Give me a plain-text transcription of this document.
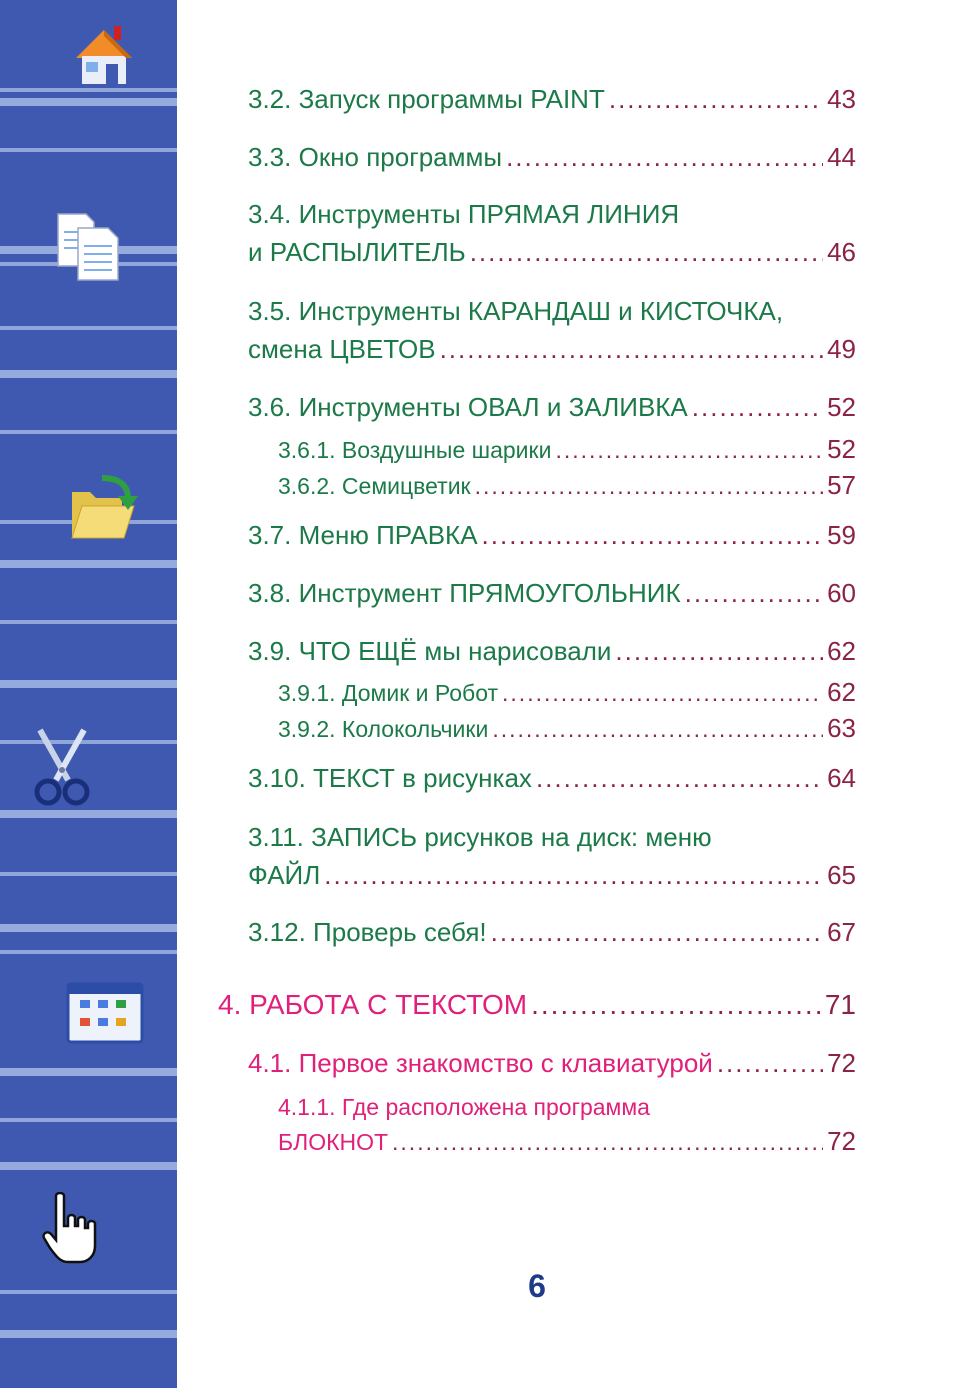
3.2. Запуск программы PAINT .....	43
3.3. Окно программы .....	44
3.4. Инструменты ПРЯМАЯ ЛИНИЯ
и РАСПЫЛИТЕЛЬ .....	46
3.5. Инструменты КАРАНДАШ и КИСТОЧКА,
смена ЦВЕТОВ .....	49
3.6. Инструменты ОВАЛ и ЗАЛИВКА .....	52
3.6.1. Воздушные шарики .....	52
3.6.2. Семицветик .....	57
3.7. Меню ПРАВКА .....	59
3.8. Инструмент ПРЯМОУГОЛЬНИК .....	60
3.9. ЧТО ЕЩЁ мы нарисовали .....	62
3.9.1. Домик и Робот .....	62
3.9.2. Колокольчики .....	63
3.10. ТЕКСТ в рисунках .....	64
3.11. ЗАПИСЬ рисунков на диск: меню
ФАЙЛ .....	65
3.12. Проверь себя! .....	67
4. РАБОТА С ТЕКСТОМ .....	71
4.1. Первое знакомство с клавиатурой .....	72
4.1.1. Где расположена программа
БЛОКНОТ .....	72
6
